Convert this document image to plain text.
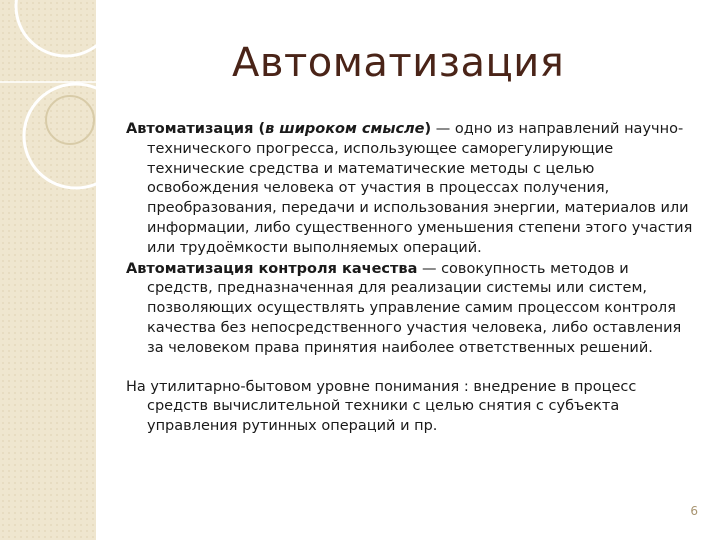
Автоматизация

Автоматизация (в широком смысле) — одно из направлений научно-технического прогресса, использующее саморегулирующие технические средства и математические методы с целью освобождения человека от участия в процессах получения, преобразования, передачи и использования энергии, материалов или информации, либо существенного уменьшения степени этого участия или трудоёмкости выполняемых операций.

Автоматизация контроля качества — совокупность методов и средств, предназначенная для реализации системы или систем, позволяющих осуществлять управление самим процессом контроля качества без непосредственного участия человека, либо оставления за человеком права принятия наиболее ответственных решений.

На утилитарно-бытовом уровне понимания : внедрение в процесс средств вычислительной техники с целью снятия с субъекта управления рутинных операций и пр.

6
